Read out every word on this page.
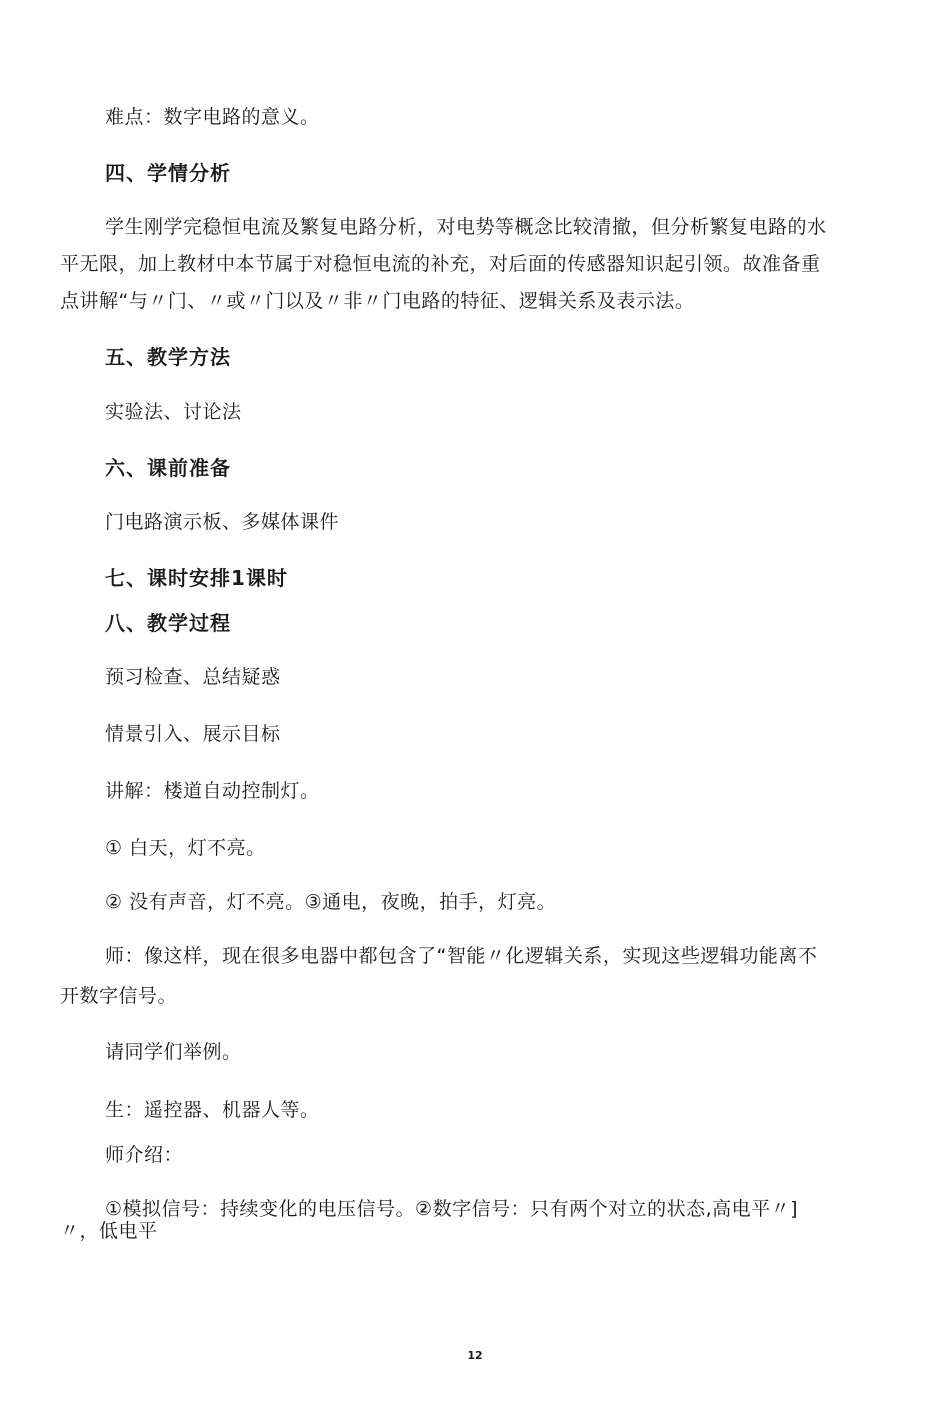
难点：数字电路的意义。
四、学情分析
学生刚学完稳恒电流及繁复电路分析，对电势等概念比较清撤，但分析繁复电路的水
平无限，加上教材中本节属于对稳恒电流的补充，对后面的传感器知识起引领。故准备重
点讲解“与〃门、〃或〃门以及〃非〃门电路的特征、逻辑关系及表示法。
五、教学方法
实验法、讨论法
六、课前准备
门电路演示板、多媒体课件
七、课时安排1课时
八、教学过程
预习检查、总结疑惑
情景引入、展示目标
讲解：楼道自动控制灯。
① 白天，灯不亮。
② 没有声音，灯不亮。③通电，夜晚，拍手，灯亮。
师：像这样，现在很多电器中都包含了“智能〃化逻辑关系，实现这些逻辑功能离不
开数字信号。
请同学们举例。
生：遥控器、机器人等。
师介绍：
①模拟信号：持续变化的电压信号。②数字信号：只有两个对立的状态,高电平〃]
〃，低电平
12
